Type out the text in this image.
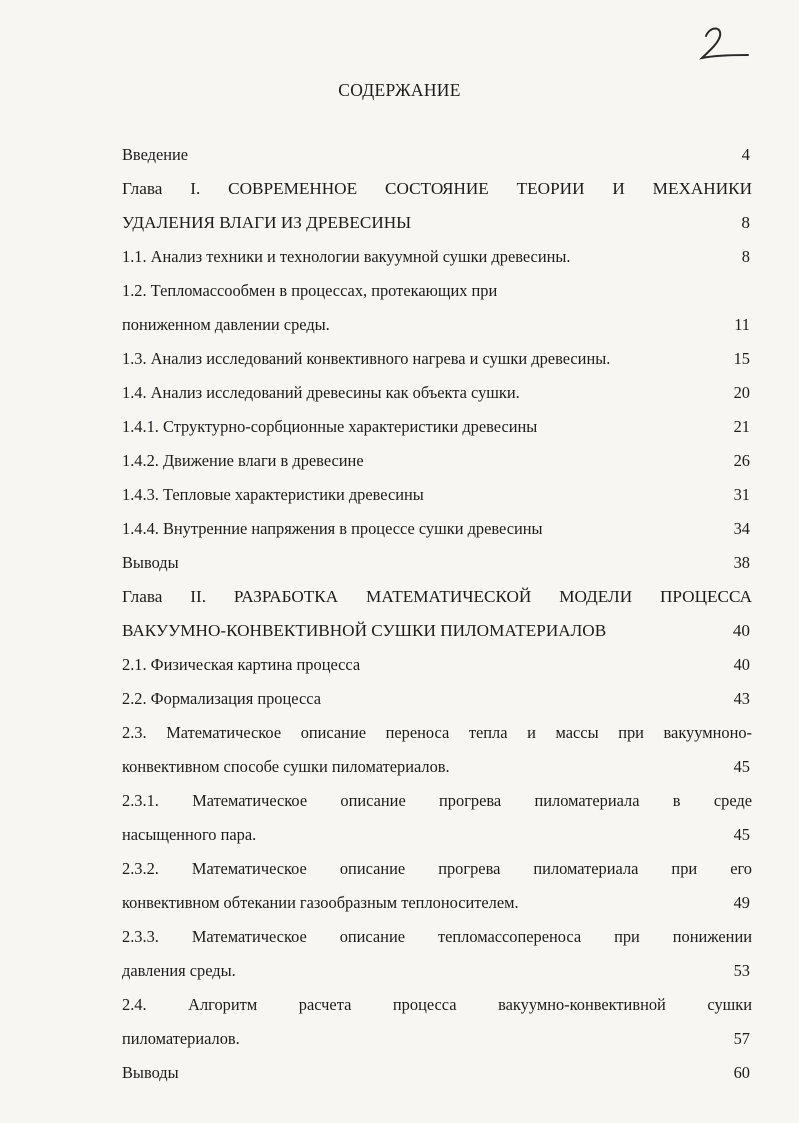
СОДЕРЖАНИЕ
Введение	4
Глава I. СОВРЕМЕННОЕ СОСТОЯНИЕ ТЕОРИИ И МЕХАНИКИ
УДАЛЕНИЯ ВЛАГИ ИЗ ДРЕВЕСИНЫ	8
1.1. Анализ техники и технологии вакуумной сушки древесины.	8
1.2. Тепломассообмен в процессах, протекающих при
пониженном давлении среды.	11
1.3. Анализ исследований конвективного нагрева и сушки древесины.	15
1.4. Анализ исследований древесины как объекта сушки.	20
1.4.1. Структурно-сорбционные характеристики древесины	21
1.4.2. Движение влаги в древесине	26
1.4.3. Тепловые характеристики древесины	31
1.4.4. Внутренние напряжения в процессе сушки древесины	34
Выводы	38
Глава II. РАЗРАБОТКА МАТЕМАТИЧЕСКОЙ МОДЕЛИ ПРОЦЕССА
ВАКУУМНО-КОНВЕКТИВНОЙ СУШКИ ПИЛОМАТЕРИАЛОВ	40
2.1. Физическая картина процесса	40
2.2. Формализация процесса	43
2.3. Математическое описание переноса тепла и массы при вакуумноно-
конвективном способе сушки пиломатериалов.	45
2.3.1. Математическое описание прогрева пиломатериала в среде
насыщенного пара.	45
2.3.2. Математическое описание прогрева пиломатериала при его
конвективном обтекании газообразным теплоносителем.	49
2.3.3. Математическое описание тепломассопереноса при понижении
давления среды.	53
2.4. Алгоритм расчета процесса вакуумно-конвективной сушки
пиломатериалов.	57
Выводы	60
